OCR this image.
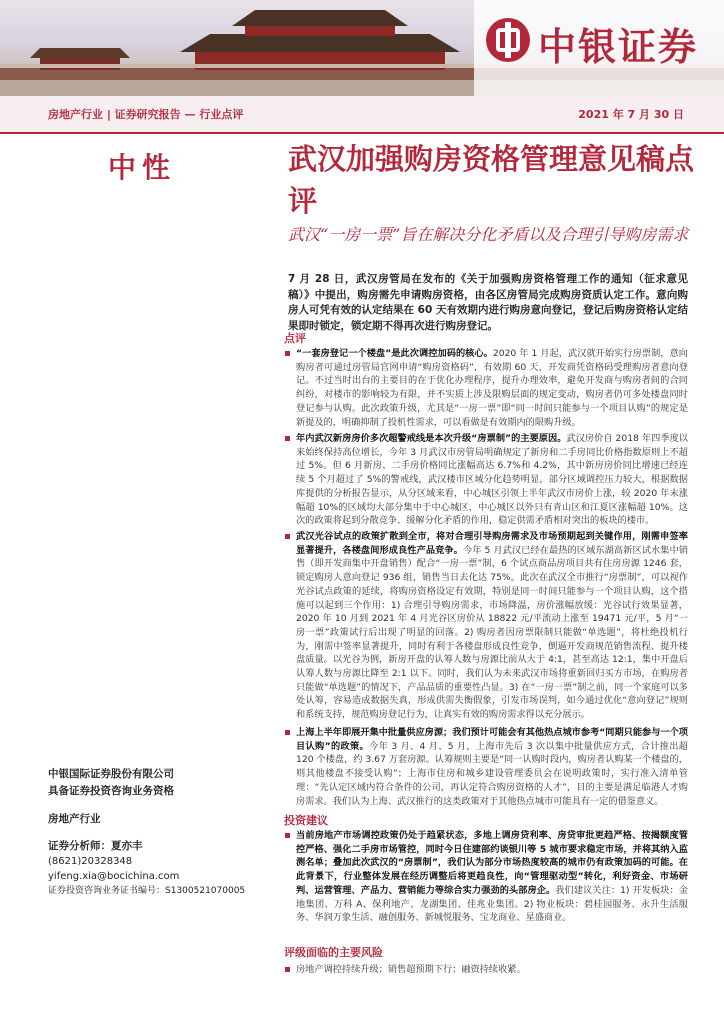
中银证券
房地产行业 | 证券研究报告 — 行业点评	2021 年 7 月 30 日
中性	武汉加强购房资格管理意见稿点评
武汉“一房一票”旨在解决分化矛盾以及合理引导购房需求
7 月 28 日，武汉房管局在发布的《关于加强购房资格管理工作的通知（征求意见稿）》中提出，购房需先申请购房资格，由各区房管局完成购房资质认定工作。意向购房人可凭有效的认定结果在 60 天有效期内进行购房意向登记，登记后购房资格认定结果即时锁定，锁定期不得再次进行购房登记。
点评
“一套房登记一个楼盘”是此次调控加码的核心。2020 年 1 月起，武汉就开始实行房票制，意向购房者可通过房管局官网申请“购房资格码”，有效期 60 天，开发商凭资格码受理购房者意向登记。不过当时出台的主要目的在于优化办理程序，提升办理效率，避免开发商与购房者间的合同纠纷，对楼市的影响较为有限，并不实质上涉及限购层面的规定变动，购房者仍可多处楼盘同时登记参与认购。此次政策升级，尤其是“一房一票”即“同一时间只能参与一个项目认购”的规定是新提及的，明确抑制了投机性需求，可以看做是有效期内的限购升级。
年内武汉新房房价多次超警戒线是本次升级“房票制”的主要原因。武汉房价自 2018 年四季度以来始终保持高位增长，今年 3 月武汉市房管局明确规定了新房和二手房同比价格指数原则上不超过 5%。但 6 月新房、二手房价格同比涨幅高达 6.7%和 4.2%，其中新房房价同比增速已经连续 5 个月超过了 5%的警戒线，武汉楼市区域分化趋势明显，部分区域调控压力较大，根据数据库提供的分析报告显示，从分区域来看，中心城区引领上半年武汉市房价上涨，较 2020 年末涨幅超 10%的区域均大部分集中于中心城区，中心城区以外只有青山区和江夏区涨幅超 10%。这次的政策将起到分散竞争、缓解分化矛盾的作用，稳定供需矛盾相对突出的板块的楼市。
武汉光谷试点的政策扩散到全市，将对合理引导购房需求及市场预期起到关键作用，刚需申签率显著提升，各楼盘间形成良性产品竞争。今年 5 月武汉已经在最热的区域东湖高新区试水集中销售（即开发商集中开盘销售）配合“一房一票”制，6 个试点商品房项目共有住房房源 1246 套，锁定购房人意向登记 936 组，销售当日去化达 75%。此次在武汉全市推行“房票制”，可以视作光谷试点政策的延续，将购房资格设定有效期，特别是同一时间只能参与一个项目认购，这个措施可以起到三个作用：1) 合理引导购房需求，市场降温，房价涨幅放缓：光谷试行效果显著，2020 年 10 月到 2021 年 4 月光谷区房价从 18822 元/平流动上涨至 19471 元/平，5 月“一房一票”政策试行后出现了明显的回落。2) 购房者因房票限制只能做“单选题”，将杜绝投机行为，刚需中签率显著提升，同时有利于各楼盘形成良性竞争，倒逼开发商规范销售流程、提升楼盘质量。以光谷为例，新房开盘的认筹人数与房源比前从大于 4:1，甚至高达 12:1，集中开盘后认筹人数与房源比降至 2:1 以下。同时，我们认为未来武汉市场将重新回归买方市场，在购房者只能做“单选题”的情况下，产品品质的重要性凸显。3) 在“一房一票”制之前，同一个家庭可以多处认筹，容易造成数据失真，形成供需失衡假象，引发市场误判，如今通过优化“意向登记”规则和系统支持，规范购房登记行为，让真实有效的购房需求得以充分展示。
上海上半年即展开集中批量供应房源；我们预计可能会有其他热点城市参考“同期只能参与一个项目认购”的政策。今年 3 月、4 月、5 月，上海市先后 3 次以集中批量供应方式，合计推出超 120 个楼盘，约 3.67 万套房源。认筹规则主要是“同一认购时段内，购房者认购某一个楼盘的，则其他楼盘不接受认购”；上海市住房和城乡建设管理委员会在说明政策时，实行准入清单管理：“先认定区域内符合条件的公司，再认定符合购房资格的人才”，目的主要是满足临港人才购房需求。我们认为上海、武汉推行的这类政策对于其他热点城市可能具有一定的借鉴意义。
投资建议
当前房地产市场调控政策仍处于趋紧状态，多地上调房贷利率、房贷审批更趋严格、按揭额度管控严格、强化二手房市场管控，同时今日住建部约谈银川等 5 城市要求稳定市场，并将其纳入监测名单；叠加此次武汉的“房票制”，我们认为部分市场热度较高的城市仍有政策加码的可能。在此背景下，行业整体发展在经历调整后将更趋良性，向“管理驱动型”转化，利好资金、市场研判、运营管理、产品力、营销能力等综合实力强劲的头部房企。我们建议关注：1) 开发板块：金地集团、万科 A、保利地产、龙湖集团、佳兆业集团。2) 物业板块：碧桂园服务、永升生活服务、华润万象生活、融创服务、新城悦服务、宝龙商业、星盛商业。
评级面临的主要风险
房地产调控持续升级；销售超预期下行；融资持续收紧。
中银国际证券股份有限公司
具备证券投资咨询业务资格
房地产行业
证券分析师：夏亦丰
(8621)20328348
yifeng.xia@bocichina.com
证券投资咨询业务证书编号：S1300521070005
